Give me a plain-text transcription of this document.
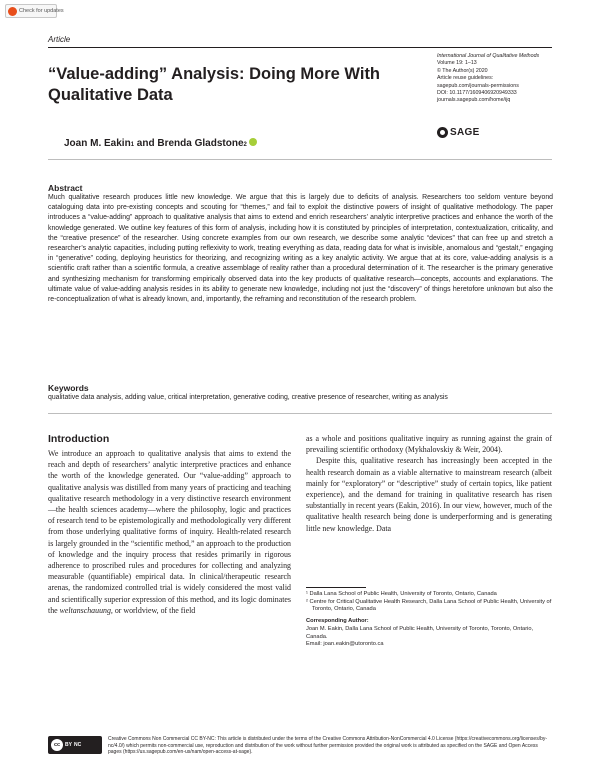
Check for updates
Article
“Value-adding” Analysis: Doing More With
Qualitative Data
International Journal of Qualitative Methods
Volume 19: 1–13
© The Author(s) 2020
Article reuse guidelines:
sagepub.com/journals-permissions
DOI: 10.1177/1609406920949333
journals.sagepub.com/home/ijq
SAGE
Joan M. Eakin 1 and Brenda Gladstone 2
Abstract
Much qualitative research produces little new knowledge. We argue that this is largely due to deficits of analysis. Researchers too seldom venture beyond cataloguing data into pre-existing concepts and scouting for “themes,” and fail to exploit the distinctive powers of insight of qualitative methodology. The paper introduces a “value-adding” approach to qualitative analysis that aims to extend and enrich researchers’ analytic interpretive practices and enhance the worth of the knowledge generated. We outline key features of this form of analysis, including how it is constituted by principles of interpretation, contextualization, criticality, and the “creative presence” of the researcher. Using concrete examples from our own research, we describe some analytic “devices” that can free up and stretch a researcher’s analytic capacities, including putting reflexivity to work, treating everything as data, reading data for what is invisible, anomalous and “gestalt,” engaging in “generative” coding, deploying heuristics for theorizing, and recognizing writing as a key analytic activity. We argue that at its core, value-adding analysis is a scientific craft rather than a scientific formula, a creative assemblage of reality rather than a procedural determination of it. The researcher is the primary generative and synthesizing mechanism for transforming empirically observed data into the key products of qualitative research—concepts, accounts and explanations. The ultimate value of value-adding analysis resides in its ability to generate new knowledge, including not just the “discovery” of things heretofore unknown but also the re-conceptualization of what is already known, and, importantly, the reframing and reconstitution of the research problem.
Keywords
qualitative data analysis, adding value, critical interpretation, generative coding, creative presence of researcher, writing as analysis
Introduction

We introduce an approach to qualitative analysis that aims to extend the reach and depth of researchers’ analytic interpretive practices and enhance the worth of the knowledge generated. Our “value-adding” approach to qualitative analysis was distilled from many years of practicing and teaching qualitative research methodology in a very distinctive research environment—the health sciences academy—where the philosophy, logic and practices of research tend to be epistemologically and methodologically very different from those underlying qualitative forms of inquiry. Health-related research is largely grounded in the “scientific method,” an approach to the production of knowledge and the inquiry process that resides primarily in rigorous adherence to proscribed rules and procedures for collecting and analyzing measurable (quantifiable) empirical data. In clinical/therapeutic research arenas, the randomized controlled trial is widely considered the most valid and scientifically superior expression of this method, and its logic dominates the weltanschauung, or worldview, of the field

as a whole and positions qualitative inquiry as running against the grain of prevailing scientific orthodoxy (Mykhalovskiy & Weir, 2004).

Despite this, qualitative research has increasingly been accepted in the health research domain as a viable alternative to mainstream research (albeit mainly for “exploratory” or “descriptive” study of certain topics, like patient experience), and the demand for training in qualitative research has risen substantially in recent years (Eakin, 2016). In our view, however, much of the qualitative health research being done is underperforming and is generating little new knowledge. Data

¹ Dalla Lana School of Public Health, University of Toronto, Ontario, Canada
² Centre for Critical Qualitative Health Research, Dalla Lana School of Public Health, University of Toronto, Ontario, Canada
Corresponding Author:
Joan M. Eakin, Dalla Lana School of Public Health, University of Toronto, Toronto, Ontario, Canada.
Email: joan.eakin@utoronto.ca
cc BY NC
Creative Commons Non Commercial CC BY-NC: This article is distributed under the terms of the Creative Commons Attribution-NonCommercial 4.0 License (https://creativecommons.org/licenses/by-nc/4.0/) which permits non-commercial use, reproduction and distribution of the work without further permission provided the original work is attributed as specified on the SAGE and Open Access pages (https://us.sagepub.com/en-us/nam/open-access-at-sage).
